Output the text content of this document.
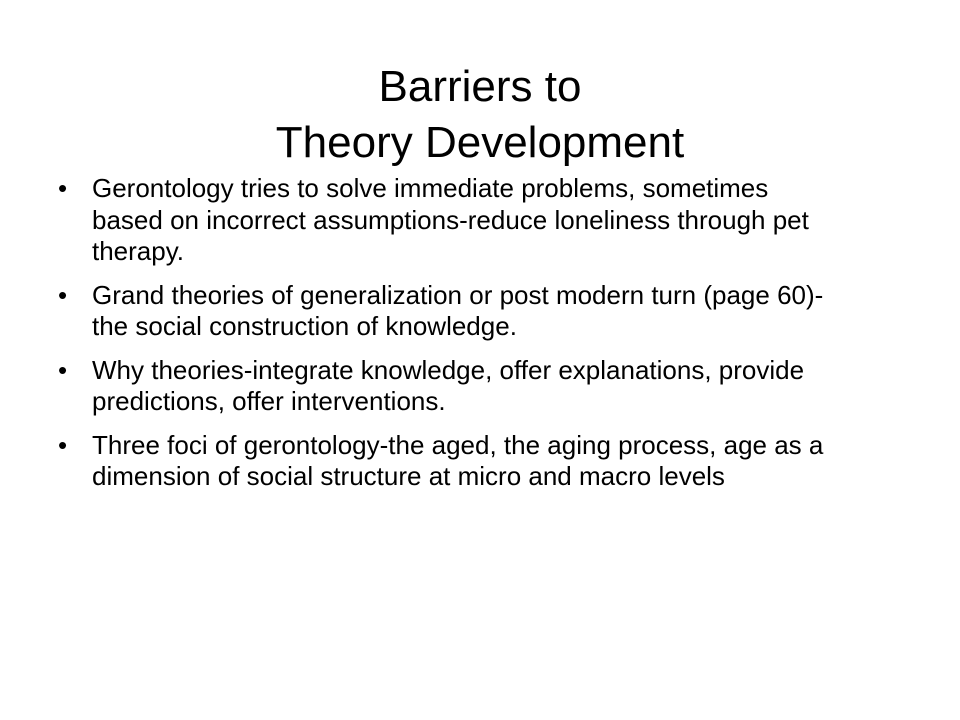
Barriers to
Theory Development
• Gerontology tries to solve immediate problems, sometimes based on incorrect assumptions-reduce loneliness through pet therapy.
• Grand theories of generalization or post modern turn (page 60)-the social construction of knowledge.
• Why theories-integrate knowledge, offer explanations, provide predictions, offer interventions.
• Three foci of gerontology-the aged, the aging process, age as a dimension of social structure at micro and macro levels
